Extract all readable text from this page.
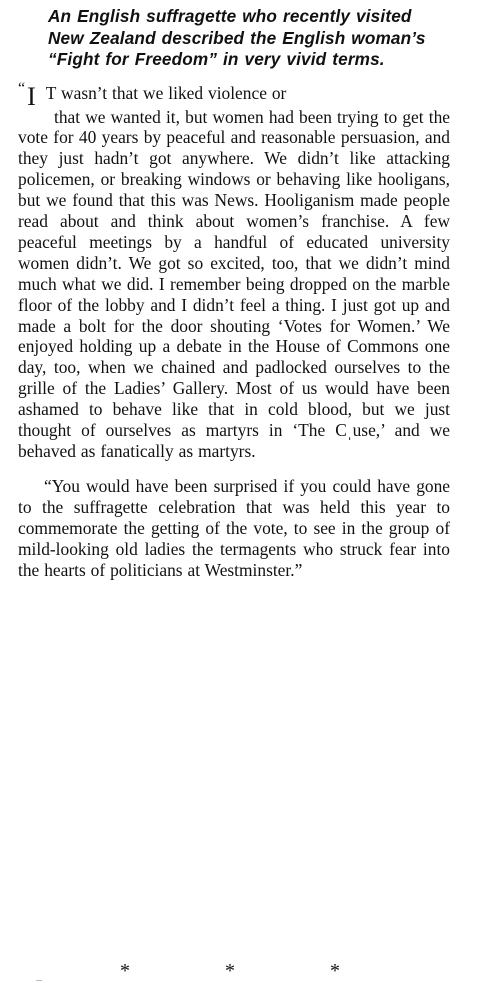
An English suffragette who recently visited New Zealand described the English woman’s “Fight for Freedom” in very vivid terms.

“I T wasn’t that we liked violence or
that we wanted it, but women had been trying to get the vote for 40 years by peaceful and reasonable persuasion, and they just hadn’t got anywhere. We didn’t like attacking policemen, or breaking windows or behaving like hooligans, but we found that this was News. Hooliganism made people read about and think about women’s franchise. A few peaceful meetings by a handful of educated university women didn’t. We got so excited, too, that we didn’t mind much what we did. I remember being dropped on the marble floor of the lobby and I didn’t feel a thing. I just got up and made a bolt for the door shouting ‘Votes for Women.’ We enjoyed holding up a debate in the House of Commons one day, too, when we chained and padlocked ourselves to the grille of the Ladies’ Gallery. Most of us would have been ashamed to behave like that in cold blood, but we just thought of ourselves as martyrs in ‘The Cˌuse,’ and we behaved as fanatically as martyrs.

“You would have been surprised if you could have gone to the suffragette celebration that was held this year to commemorate the getting of the vote, to see in the group of mild-looking old ladies the termagents who struck fear into the hearts of politicians at Westminster.”

*	*	*
